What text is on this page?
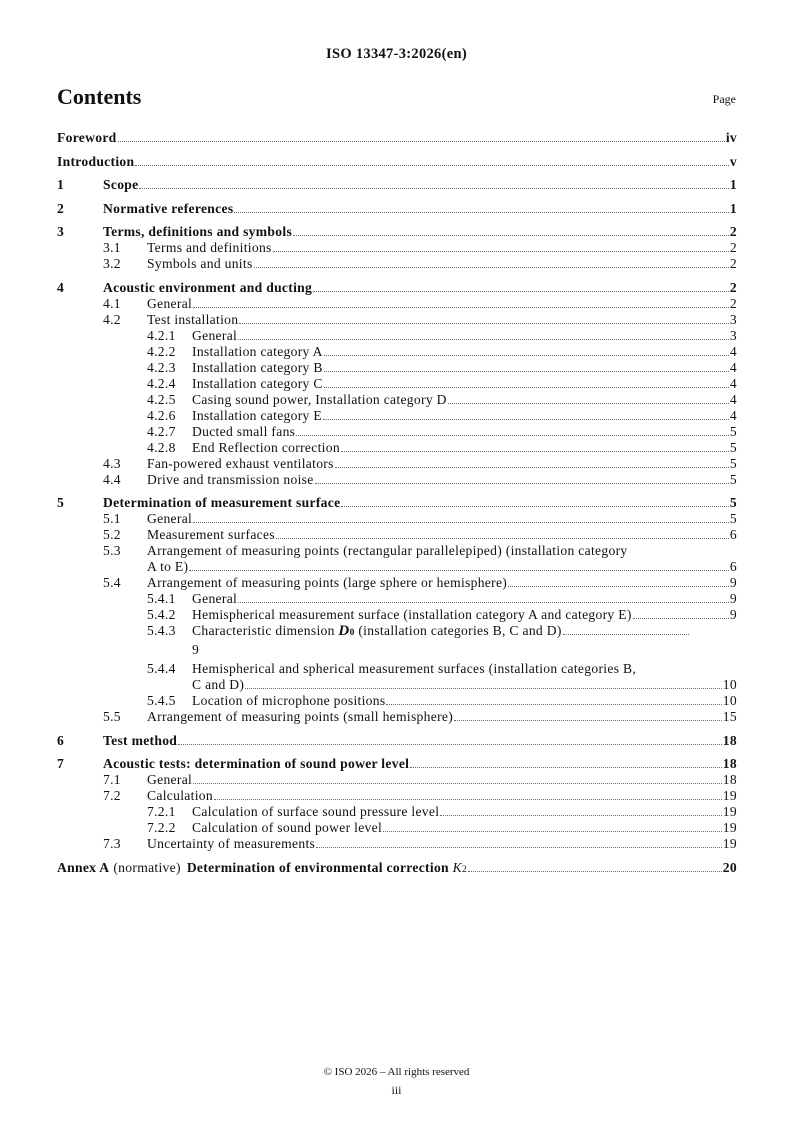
ISO 13347-3:2026(en)
Contents	Page
Foreword	iv
Introduction	v
1	Scope	1
2	Normative references	1
3	Terms, definitions and symbols	2
3.1 Terms and definitions	2
3.2 Symbols and units	2
4	Acoustic environment and ducting	2
4.1 General	2
4.2 Test installation	3
4.2.1 General	3
4.2.2 Installation category A	4
4.2.3 Installation category B	4
4.2.4 Installation category C	4
4.2.5 Casing sound power, Installation category D	4
4.2.6 Installation category E	4
4.2.7 Ducted small fans	5
4.2.8 End Reflection correction	5
4.3 Fan-powered exhaust ventilators	5
4.4 Drive and transmission noise	5
5	Determination of measurement surface	5
5.1 General	5
5.2 Measurement surfaces	6
5.3 Arrangement of measuring points (rectangular parallelepiped) (installation category
A to E)	6
5.4 Arrangement of measuring points (large sphere or hemisphere)	9
5.4.1 General	9
5.4.2 Hemispherical measurement surface (installation category A and category E)	9
5.4.3 Characteristic dimension D 0 (installation categories B, C and D)
9
5.4.4 Hemispherical and spherical measurement surfaces (installation categories B,
C and D)	10
5.4.5 Location of microphone positions	10
5.5 Arrangement of measuring points (small hemisphere)	15
6	Test method	18
7	Acoustic tests: determination of sound power level	18
7.1 General	18
7.2 Calculation	19
7.2.1 Calculation of surface sound pressure level	19
7.2.2 Calculation of sound power level	19
7.3 Uncertainty of measurements	19
Annex A (normative) Determination of environmental correction K 2	20
© ISO 2026 – All rights reserved
iii
